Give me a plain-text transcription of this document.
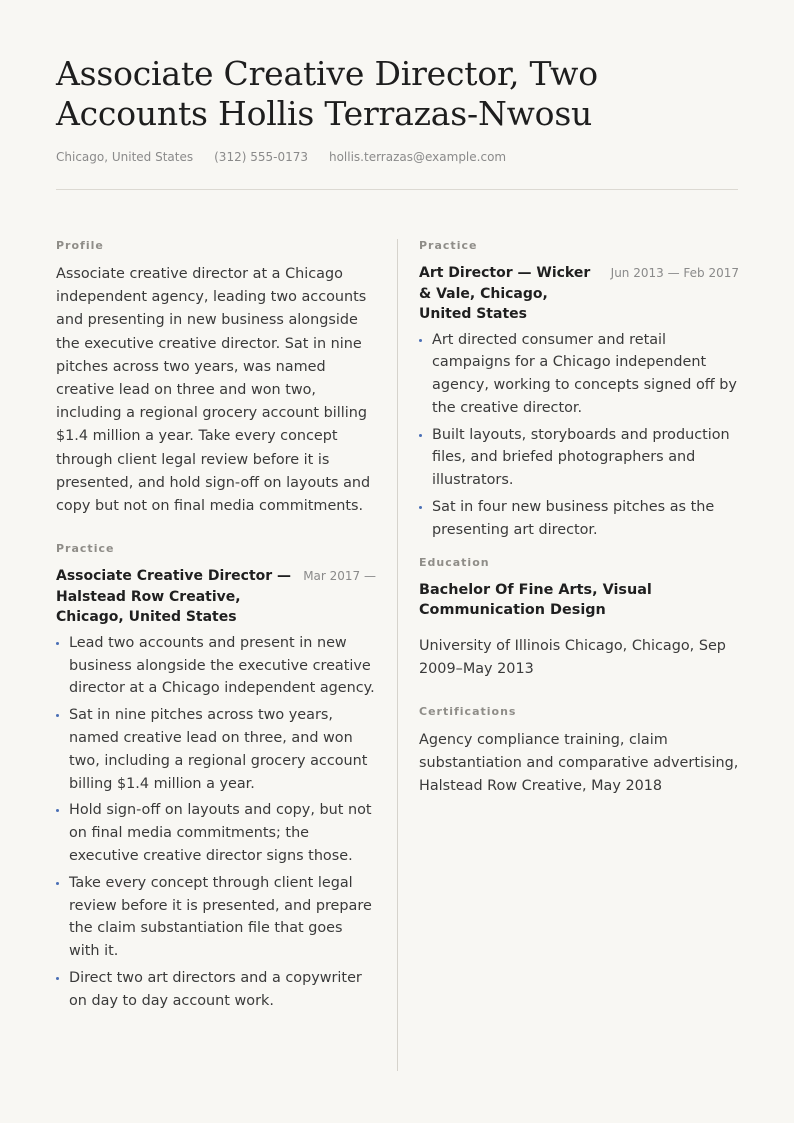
Associate Creative Director, Two Accounts Hollis Terrazas-Nwosu
Chicago, United States (312) 555-0173 hollis.terrazas@example.com
Profile

Associate creative director at a Chicago independent agency, leading two accounts and presenting in new business alongside the executive creative director. Sat in nine pitches across two years, was named creative lead on three and won two, including a regional grocery account billing $1.4 million a year. Take every concept through client legal review before it is presented, and hold sign-off on layouts and copy but not on final media commitments.

Practice
Associate Creative Director — Halstead Row Creative, Chicago, United States
Mar 2017 —
Lead two accounts and present in new business alongside the executive creative director at a Chicago independent agency.
Sat in nine pitches across two years, named creative lead on three, and won two, including a regional grocery account billing $1.4 million a year.
Hold sign-off on layouts and copy, but not on final media commitments; the executive creative director signs those.
Take every concept through client legal review before it is presented, and prepare the claim substantiation file that goes with it.
Direct two art directors and a copywriter on day to day account work.
Practice
Art Director — Wicker & Vale, Chicago, United States
Jun 2013 — Feb 2017
Art directed consumer and retail campaigns for a Chicago independent agency, working to concepts signed off by the creative director.
Built layouts, storyboards and production files, and briefed photographers and illustrators.
Sat in four new business pitches as the presenting art director.
Education
Bachelor Of Fine Arts, Visual Communication Design

University of Illinois Chicago, Chicago, Sep 2009–May 2013

Certifications

Agency compliance training, claim substantiation and comparative advertising, Halstead Row Creative, May 2018
